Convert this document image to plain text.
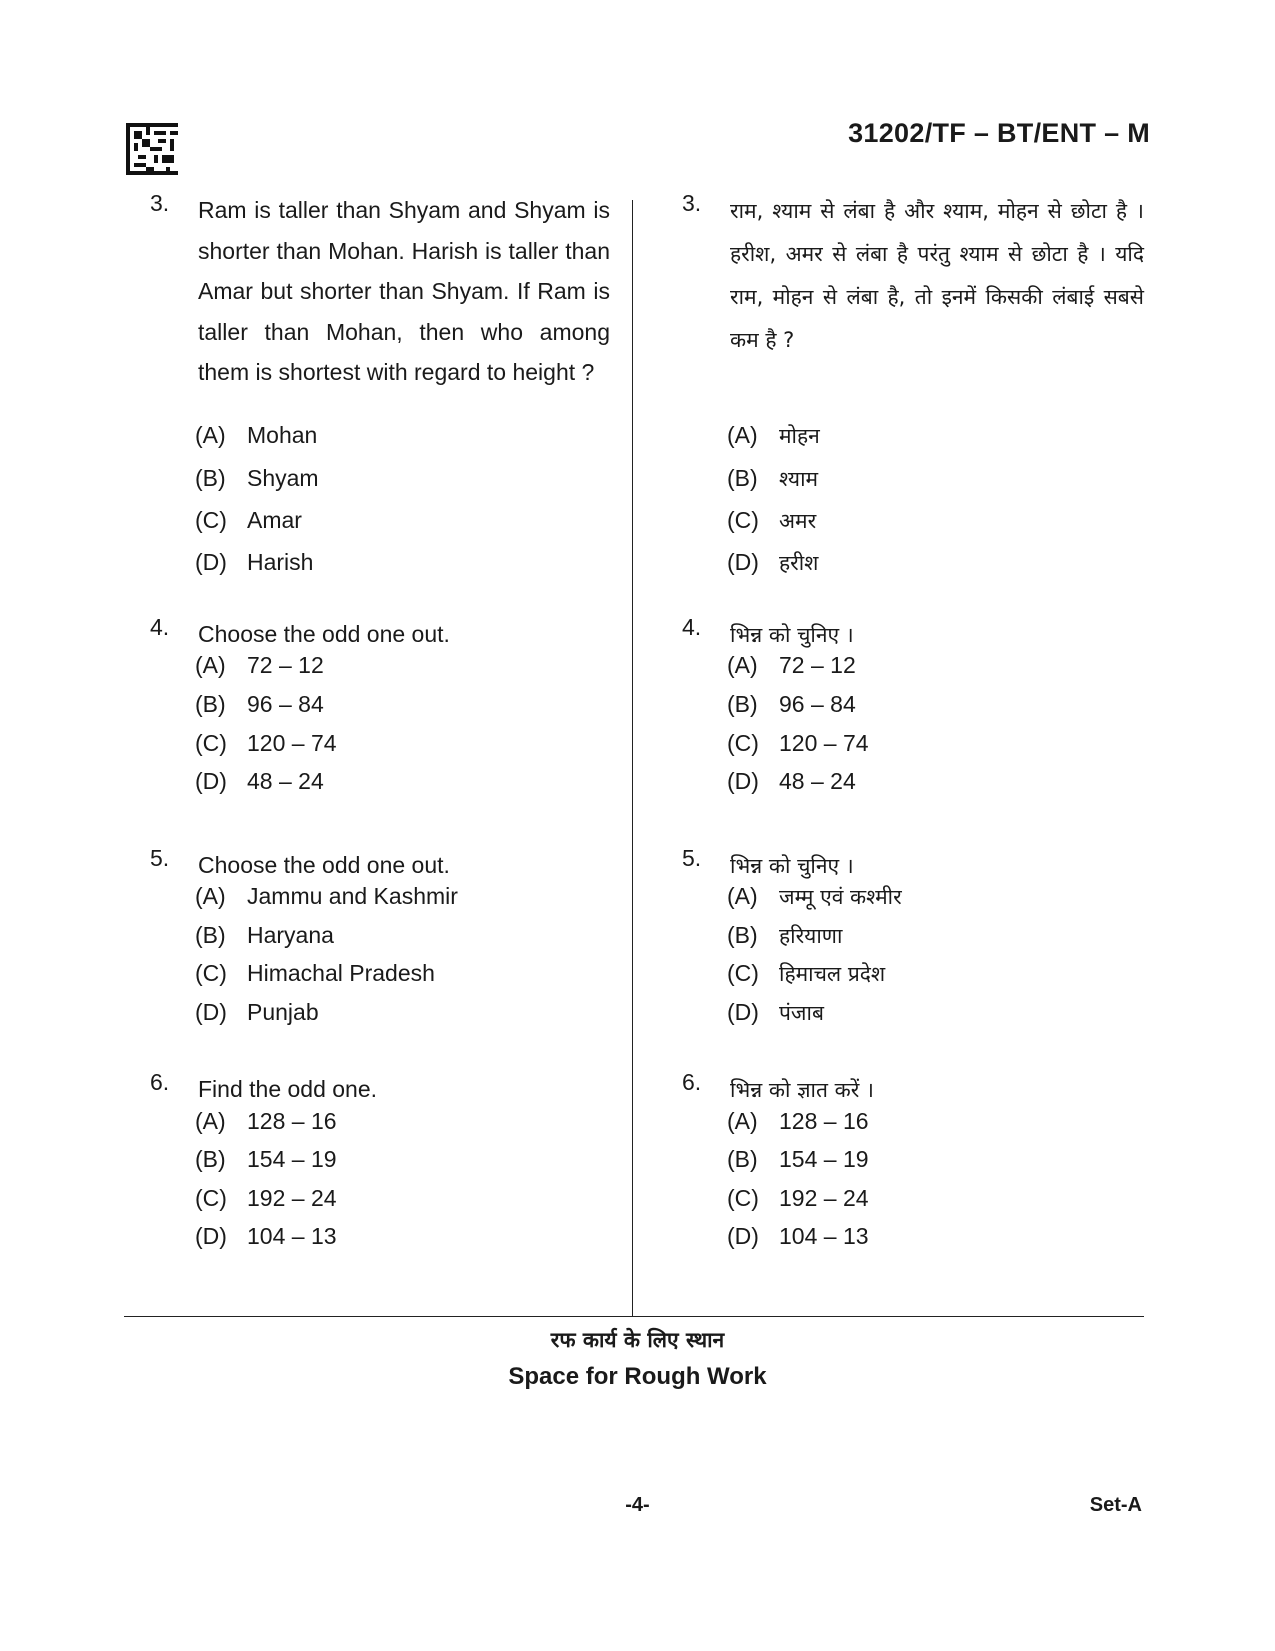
31202/TF – BT/ENT – M
3. Ram is taller than Shyam and Shyam is shorter than Mohan. Harish is taller than Amar but shorter than Shyam. If Ram is taller than Mohan, then who among them is shortest with regard to height ?
(A) Mohan
(B) Shyam
(C) Amar
(D) Harish
4. Choose the odd one out.
(A) 72 – 12
(B) 96 – 84
(C) 120 – 74
(D) 48 – 24
5. Choose the odd one out.
(A) Jammu and Kashmir
(B) Haryana
(C) Himachal Pradesh
(D) Punjab
6. Find the odd one.
(A) 128 – 16
(B) 154 – 19
(C) 192 – 24
(D) 104 – 13
3. राम, श्याम से लंबा है और श्याम, मोहन से छोटा है । हरीश, अमर से लंबा है परंतु श्याम से छोटा है । यदि राम, मोहन से लंबा है, तो इनमें किसकी लंबाई सबसे कम है ?
(A) मोहन
(B) श्याम
(C) अमर
(D) हरीश
4. भिन्न को चुनिए ।
(A) 72 – 12
(B) 96 – 84
(C) 120 – 74
(D) 48 – 24
5. भिन्न को चुनिए ।
(A) जम्मू एवं कश्मीर
(B) हरियाणा
(C) हिमाचल प्रदेश
(D) पंजाब
6. भिन्न को ज्ञात करें ।
(A) 128 – 16
(B) 154 – 19
(C) 192 – 24
(D) 104 – 13
रफ कार्य के लिए स्थान
Space for Rough Work
-4-	Set-A
